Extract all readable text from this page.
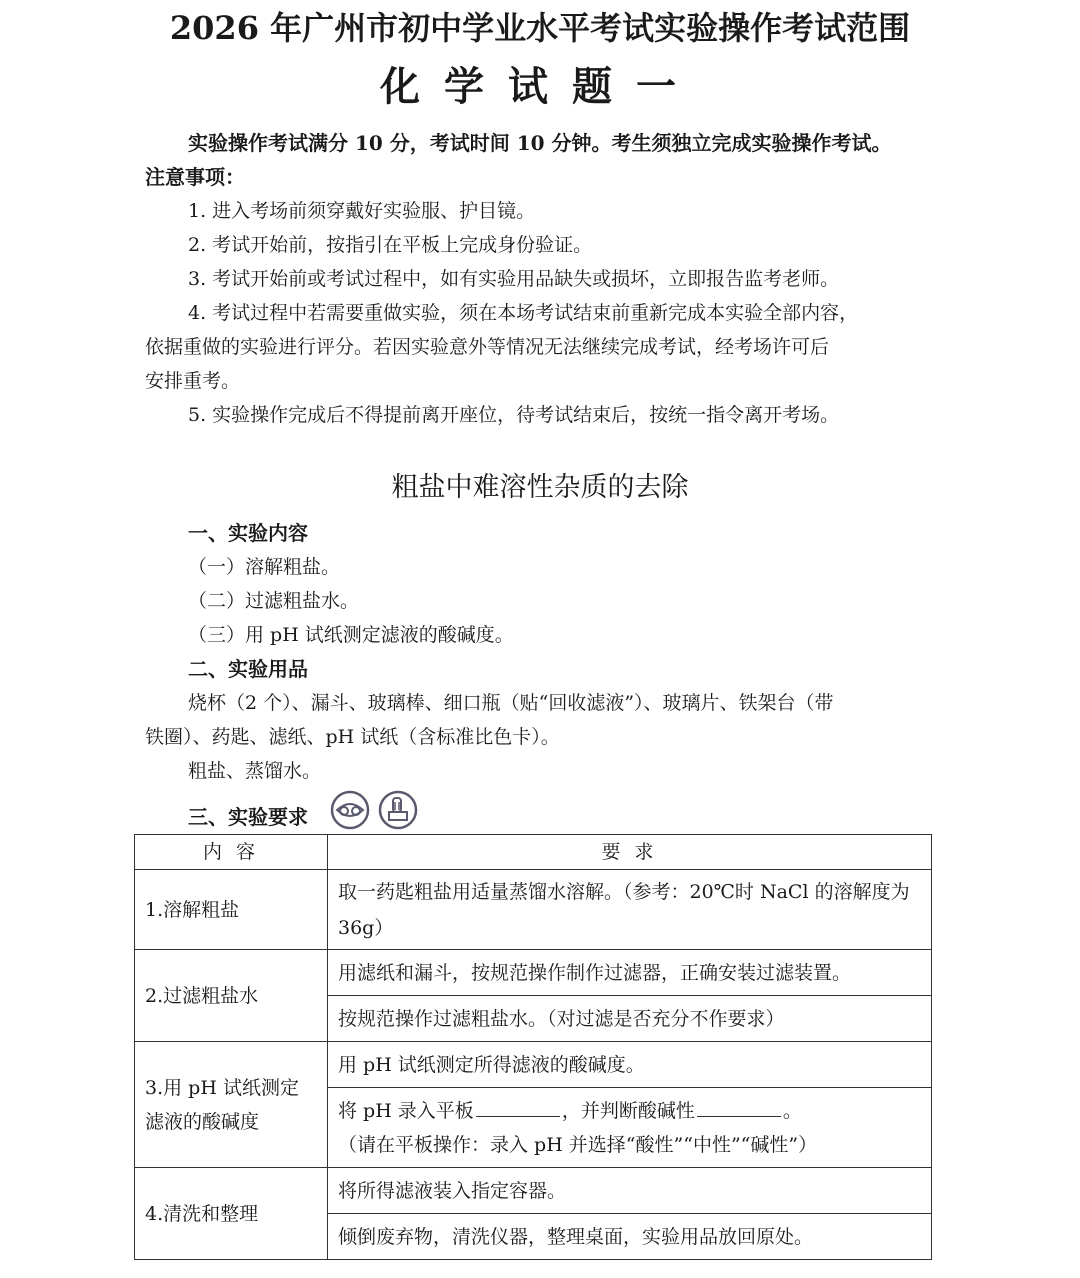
2026 年广州市初中学业水平考试实验操作考试范围
化学试题一
实验操作考试满分 10 分，考试时间 10 分钟。考生须独立完成实验操作考试。
注意事项：
1. 进入考场前须穿戴好实验服、护目镜。
2. 考试开始前，按指引在平板上完成身份验证。
3. 考试开始前或考试过程中，如有实验用品缺失或损坏，立即报告监考老师。
4. 考试过程中若需要重做实验，须在本场考试结束前重新完成本实验全部内容，
依据重做的实验进行评分。若因实验意外等情况无法继续完成考试，经考场许可后
安排重考。
5. 实验操作完成后不得提前离开座位，待考试结束后，按统一指令离开考场。
粗盐中难溶性杂质的去除
一、实验内容
（一）溶解粗盐。
（二）过滤粗盐水。
（三）用 pH 试纸测定滤液的酸碱度。
二、实验用品
烧杯（2 个）、漏斗、玻璃棒、细口瓶（贴“回收滤液”）、玻璃片、铁架台（带
铁圈）、药匙、滤纸、pH 试纸（含标准比色卡）。
粗盐、蒸馏水。
三、实验要求
内 容	要 求
1.溶解粗盐	取一药匙粗盐用适量蒸馏水溶解。（参考：20℃时 NaCl 的溶解度为 36g）
2.过滤粗盐水	用滤纸和漏斗，按规范操作制作过滤器，正确安装过滤装置。
	按规范操作过滤粗盐水。（对过滤是否充分不作要求）
3.用 pH 试纸测定滤液的酸碱度	用 pH 试纸测定所得滤液的酸碱度。

	将 pH 录入平板 ，并判断酸碱性 。
（请在平板操作：录入 pH 并选择“酸性”“中性”“碱性”）

4.清洗和整理	将所得滤液装入指定容器。
	倾倒废弃物，清洗仪器，整理桌面，实验用品放回原处。
